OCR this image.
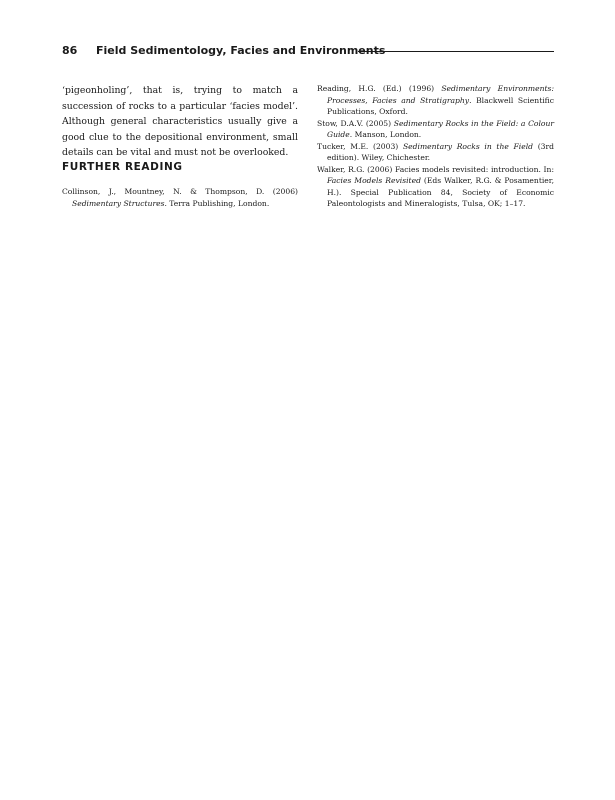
86 Field Sedimentology, Facies and Environments

‘pigeonholing’, that is, trying to match a succession of rocks to a particular ‘facies model’. Although general characteristics usually give a good clue to the depositional environment, small details can be vital and must not be overlooked.

FURTHER READING

Collinson, J., Mountney, N. & Thompson, D. (2006) Sedimentary Structures. Terra Publishing, London.

Reading, H.G. (Ed.) (1996) Sedimentary Environments: Processes, Facies and Stratigraphy. Blackwell Scientific Publications, Oxford.

Stow, D.A.V. (2005) Sedimentary Rocks in the Field: a Colour Guide. Manson, London.

Tucker, M.E. (2003) Sedimentary Rocks in the Field (3rd edition). Wiley, Chichester.

Walker, R.G. (2006) Facies models revisited: introduction. In: Facies Models Revisited (Eds Walker, R.G. & Posamentier, H.). Special Publication 84, Society of Economic Paleontologists and Mineralogists, Tulsa, OK; 1–17.
